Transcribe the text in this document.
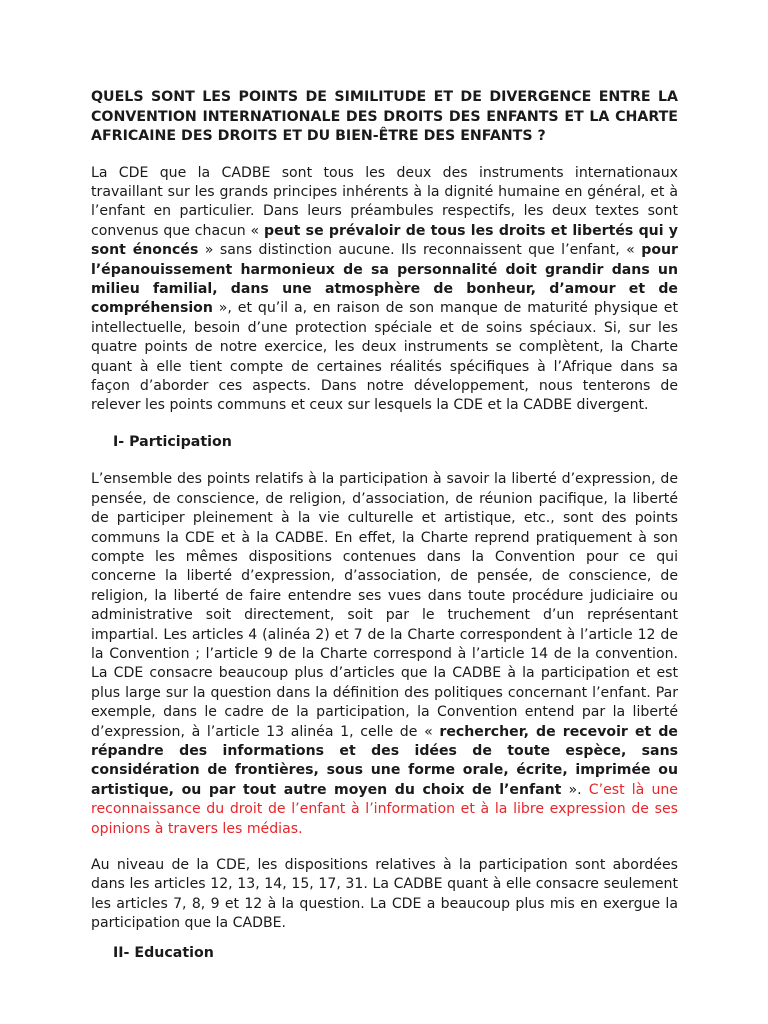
QUELS SONT LES POINTS DE SIMILITUDE ET DE DIVERGENCE ENTRE LA CONVENTION INTERNATIONALE DES DROITS DES ENFANTS ET LA CHARTE AFRICAINE DES DROITS ET DU BIEN-ÊTRE DES ENFANTS ?

La CDE que la CADBE sont tous les deux des instruments internationaux travaillant sur les grands principes inhérents à la dignité humaine en général, et à l’enfant en particulier. Dans leurs préambules respectifs, les deux textes sont convenus que chacun « peut se prévaloir de tous les droits et libertés qui y sont énoncés » sans distinction aucune. Ils reconnaissent que l’enfant, « pour l’épanouissement harmonieux de sa personnalité doit grandir dans un milieu familial, dans une atmosphère de bonheur, d’amour et de compréhension », et qu’il a, en raison de son manque de maturité physique et intellectuelle, besoin d’une protection spéciale et de soins spéciaux. Si, sur les quatre points de notre exercice, les deux instruments se complètent, la Charte quant à elle tient compte de certaines réalités spécifiques à l’Afrique dans sa façon d’aborder ces aspects. Dans notre développement, nous tenterons de relever les points communs et ceux sur lesquels la CDE et la CADBE divergent.

I- Participation

L’ensemble des points relatifs à la participation à savoir la liberté d’expression, de pensée, de conscience, de religion, d’association, de réunion pacifique, la liberté de participer pleinement à la vie culturelle et artistique, etc., sont des points communs la CDE et à la CADBE. En effet, la Charte reprend pratiquement à son compte les mêmes dispositions contenues dans la Convention pour ce qui concerne la liberté d’expression, d’association, de pensée, de conscience, de religion, la liberté de faire entendre ses vues dans toute procédure judiciaire ou administrative soit directement, soit par le truchement d’un représentant impartial. Les articles 4 (alinéa 2) et 7 de la Charte correspondent à l’article 12 de la Convention ; l’article 9 de la Charte correspond à l’article 14 de la convention. La CDE consacre beaucoup plus d’articles que la CADBE à la participation et est plus large sur la question dans la définition des politiques concernant l’enfant. Par exemple, dans le cadre de la participation, la Convention entend par la liberté d’expression, à l’article 13 alinéa 1, celle de « rechercher, de recevoir et de répandre des informations et des idées de toute espèce, sans considération de frontières, sous une forme orale, écrite, imprimée ou artistique, ou par tout autre moyen du choix de l’enfant ». C’est là une reconnaissance du droit de l’enfant à l’information et à la libre expression de ses opinions à travers les médias.

Au niveau de la CDE, les dispositions relatives à la participation sont abordées dans les articles 12, 13, 14, 15, 17, 31. La CADBE quant à elle consacre seulement les articles 7, 8, 9 et 12 à la question. La CDE a beaucoup plus mis en exergue la participation que la CADBE.

II- Education
